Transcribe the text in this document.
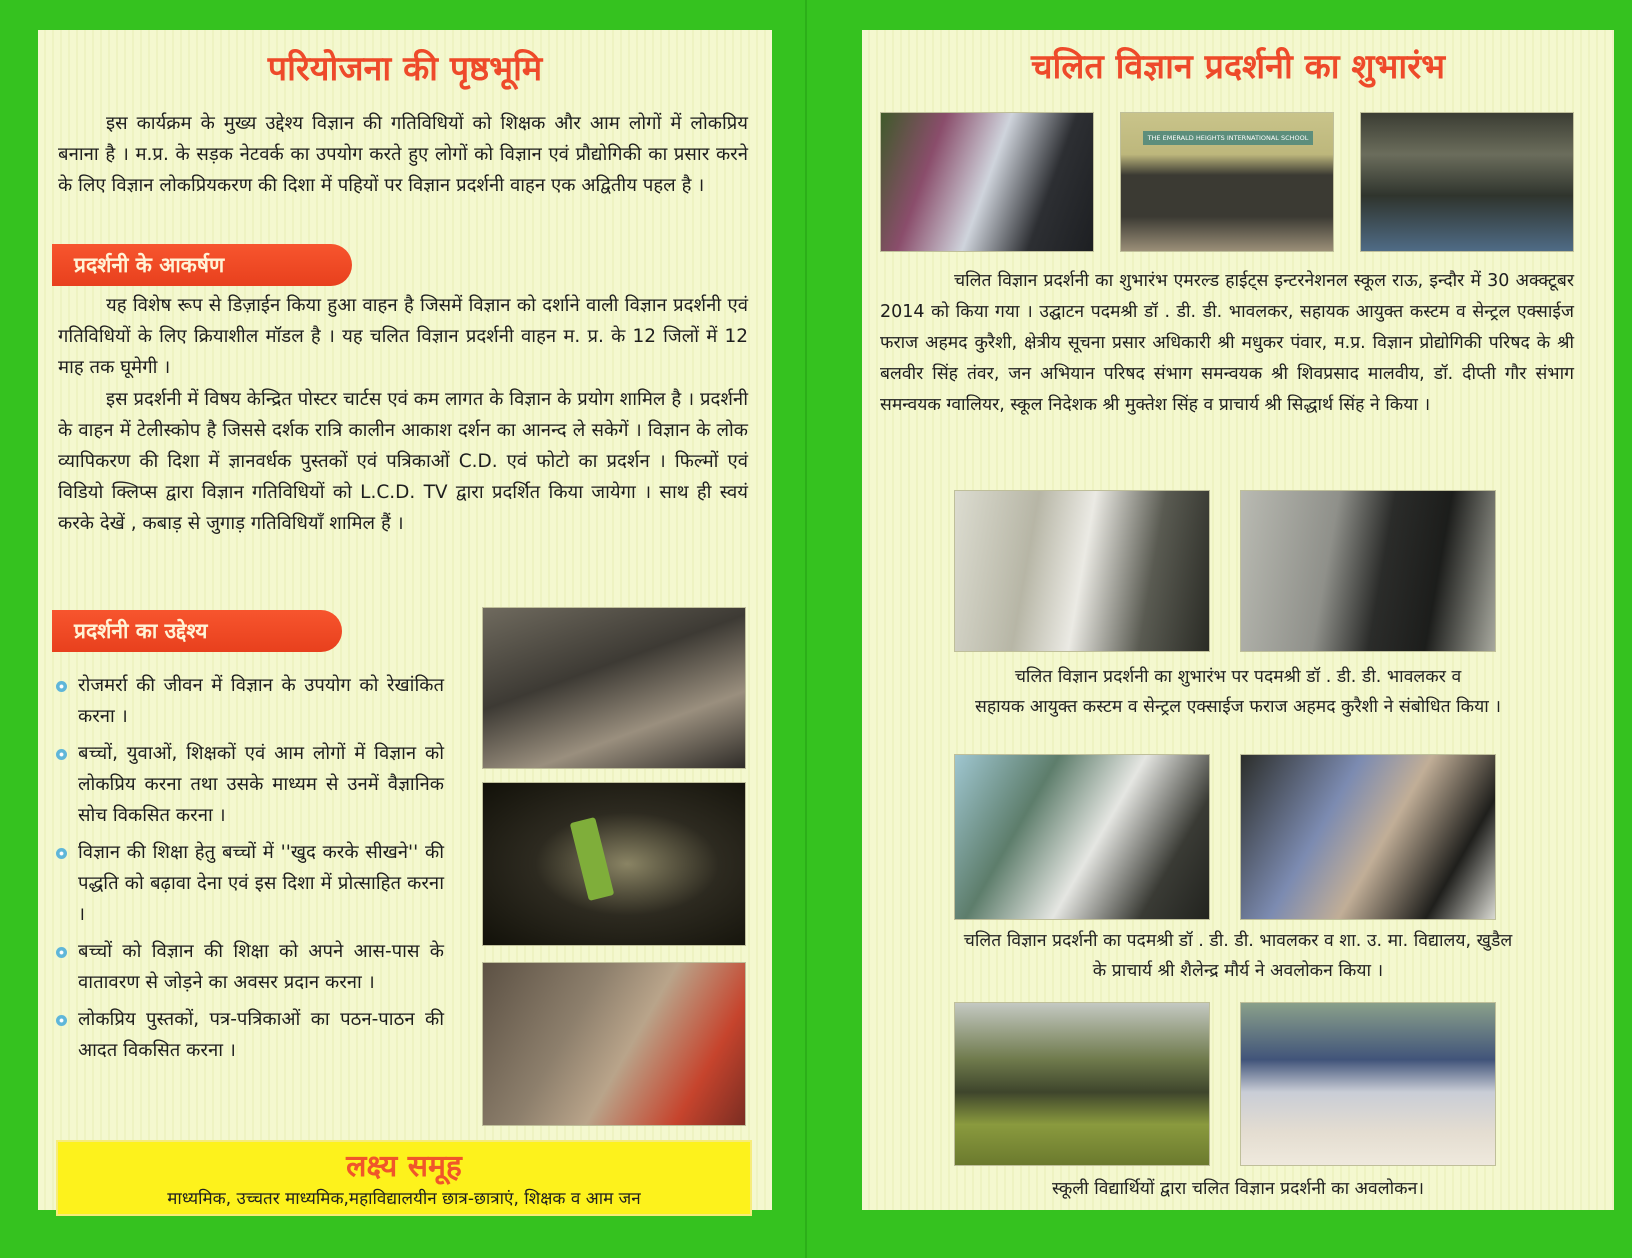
परियोजना की पृष्ठभूमि
इस कार्यक्रम के मुख्य उद्देश्य विज्ञान की गतिविधियों को शिक्षक और आम लोगों में लोकप्रिय बनाना है । म.प्र. के सड़क नेटवर्क का उपयोग करते हुए लोगों को विज्ञान एवं प्रौद्योगिकी का प्रसार करने के लिए विज्ञान लोकप्रियकरण की दिशा में पहियों पर विज्ञान प्रदर्शनी वाहन एक अद्वितीय पहल है ।
प्रदर्शनी के आकर्षण
यह विशेष रूप से डिज़ाईन किया हुआ वाहन है जिसमें विज्ञान को दर्शाने वाली विज्ञान प्रदर्शनी एवं गतिविधियों के लिए क्रियाशील मॉडल है । यह चलित विज्ञान प्रदर्शनी वाहन म. प्र. के 12 जिलों में 12 माह तक घूमेगी ।
इस प्रदर्शनी में विषय केन्द्रित पोस्टर चार्टस एवं कम लागत के विज्ञान के प्रयोग शामिल है । प्रदर्शनी के वाहन में टेलीस्कोप है जिससे दर्शक रात्रि कालीन आकाश दर्शन का आनन्द ले सकेगें । विज्ञान के लोक व्यापिकरण की दिशा में ज्ञानवर्धक पुस्तकों एवं पत्रिकाओं C.D. एवं फोटो का प्रदर्शन । फिल्मों एवं विडियो क्लिप्स द्वारा विज्ञान गतिविधियों को L.C.D. TV द्वारा प्रदर्शित किया जायेगा । साथ ही स्वयं करके देखें , कबाड़ से जुगाड़ गतिविधियाँ शामिल हैं ।
प्रदर्शनी का उद्देश्य
रोजमर्रा की जीवन में विज्ञान के उपयोग को रेखांकित करना ।
बच्चों, युवाओं, शिक्षकों एवं आम लोगों में विज्ञान को लोकप्रिय करना तथा उसके माध्यम से उनमें वैज्ञानिक सोच विकसित करना ।
विज्ञान की शिक्षा हेतु बच्चों में ''खुद करके सीखने'' की पद्धति को बढ़ावा देना एवं इस दिशा में प्रोत्साहित करना ।
बच्चों को विज्ञान की शिक्षा को अपने आस-पास के वातावरण से जोड़ने का अवसर प्रदान करना ।
लोकप्रिय पुस्तकों, पत्र-पत्रिकाओं का पठन-पाठन की आदत विकसित करना ।
लक्ष्य समूह
माध्यमिक, उच्चतर माध्यमिक,महाविद्यालयीन छात्र-छात्राएं, शिक्षक व आम जन
चलित विज्ञान प्रदर्शनी का शुभारंभ
THE EMERALD HEIGHTS INTERNATIONAL SCHOOL
चलित विज्ञान प्रदर्शनी का शुभारंभ एमरल्ड हाईट्स इन्टरनेशनल स्कूल राऊ, इन्दौर में 30 अक्क्टूबर 2014 को किया गया । उद्घाटन पदमश्री डॉ . डी. डी. भावलकर, सहायक आयुक्त कस्टम व सेन्ट्रल एक्साईज फराज अहमद कुरैशी, क्षेत्रीय सूचना प्रसार अधिकारी श्री मधुकर पंवार, म.प्र. विज्ञान प्रोद्योगिकी परिषद के श्री बलवीर सिंह तंवर, जन अभियान परिषद संभाग समन्वयक श्री शिवप्रसाद मालवीय, डॉ. दीप्ती गौर संभाग समन्वयक ग्वालियर, स्कूल निदेशक श्री मुक्तेश सिंह व प्राचार्य श्री सिद्धार्थ सिंह ने किया ।
चलित विज्ञान प्रदर्शनी का शुभारंभ पर पदमश्री डॉ . डी. डी. भावलकर व
सहायक आयुक्त कस्टम व सेन्ट्रल एक्साईज फराज अहमद कुरैशी ने संबोधित किया ।
चलित विज्ञान प्रदर्शनी का पदमश्री डॉ . डी. डी. भावलकर व शा. उ. मा. विद्यालय, खुडैल
के प्राचार्य श्री शैलेन्द्र मौर्य ने अवलोकन किया ।
स्कूली विद्यार्थियों द्वारा चलित विज्ञान प्रदर्शनी का अवलोकन।
